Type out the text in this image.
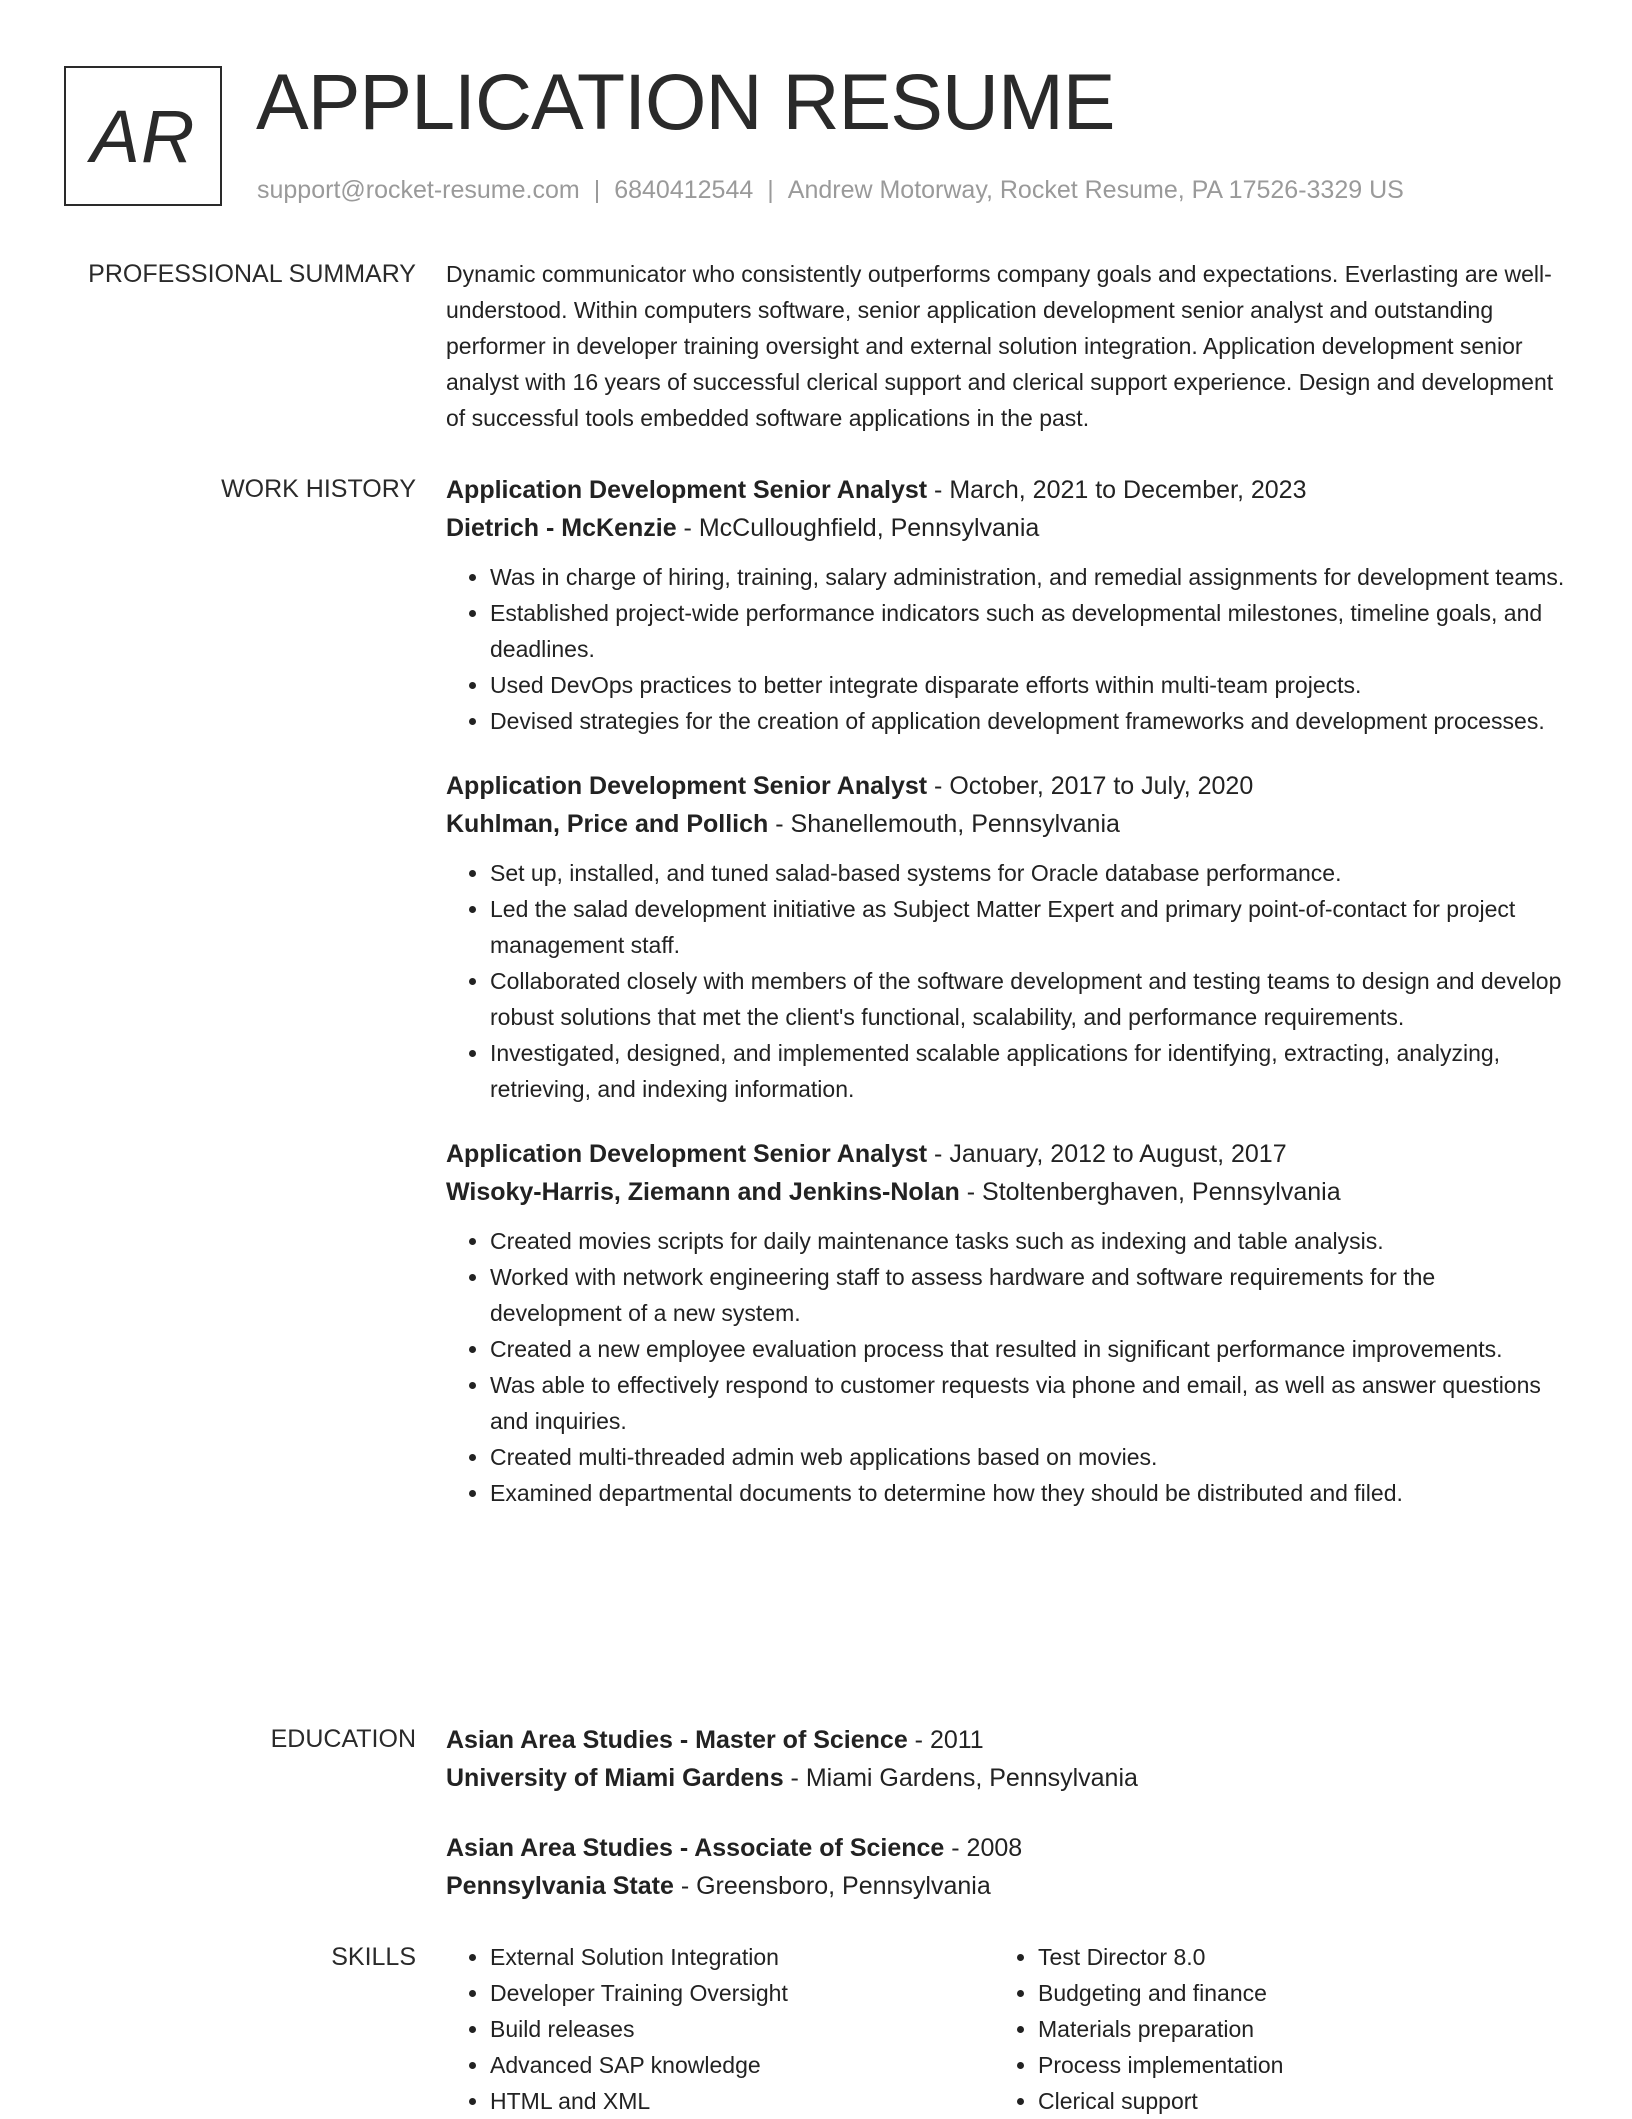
AR APPLICATION RESUME
support@rocket-resume.com | 6840412544 | Andrew Motorway, Rocket Resume, PA 17526-3329 US
PROFESSIONAL SUMMARY Dynamic communicator who consistently outperforms company goals and expectations. Everlasting are well-understood. Within computers software, senior application development senior analyst and outstanding performer in developer training oversight and external solution integration. Application development senior analyst with 16 years of successful clerical support and clerical support experience. Design and development of successful tools embedded software applications in the past.

WORK HISTORY Application Development Senior Analyst - March, 2021 to December, 2023
Dietrich - McKenzie - McCulloughfield, Pennsylvania
• Was in charge of hiring, training, salary administration, and remedial assignments for development teams.
• Established project-wide performance indicators such as developmental milestones, timeline goals, and deadlines.
• Used DevOps practices to better integrate disparate efforts within multi-team projects.
• Devised strategies for the creation of application development frameworks and development processes.
Application Development Senior Analyst - October, 2017 to July, 2020
Kuhlman, Price and Pollich - Shanellemouth, Pennsylvania
• Set up, installed, and tuned salad-based systems for Oracle database performance.
• Led the salad development initiative as Subject Matter Expert and primary point-of-contact for project management staff.
• Collaborated closely with members of the software development and testing teams to design and develop robust solutions that met the client's functional, scalability, and performance requirements.
• Investigated, designed, and implemented scalable applications for identifying, extracting, analyzing, retrieving, and indexing information.
Application Development Senior Analyst - January, 2012 to August, 2017
Wisoky-Harris, Ziemann and Jenkins-Nolan - Stoltenberghaven, Pennsylvania
• Created movies scripts for daily maintenance tasks such as indexing and table analysis.
• Worked with network engineering staff to assess hardware and software requirements for the development of a new system.
• Created a new employee evaluation process that resulted in significant performance improvements.
• Was able to effectively respond to customer requests via phone and email, as well as answer questions and inquiries.
• Created multi-threaded admin web applications based on movies.
• Examined departmental documents to determine how they should be distributed and filed.
EDUCATION Asian Area Studies - Master of Science - 2011
University of Miami Gardens - Miami Gardens, Pennsylvania
Asian Area Studies - Associate of Science - 2008
Pennsylvania State - Greensboro, Pennsylvania
SKILLS
•	External Solution Integration
• Developer Training Oversight
• Build releases
• Advanced SAP knowledge
• HTML and XML
• Test Director 8.0
• Budgeting and finance
• Materials preparation
• Process implementation
• Clerical support
